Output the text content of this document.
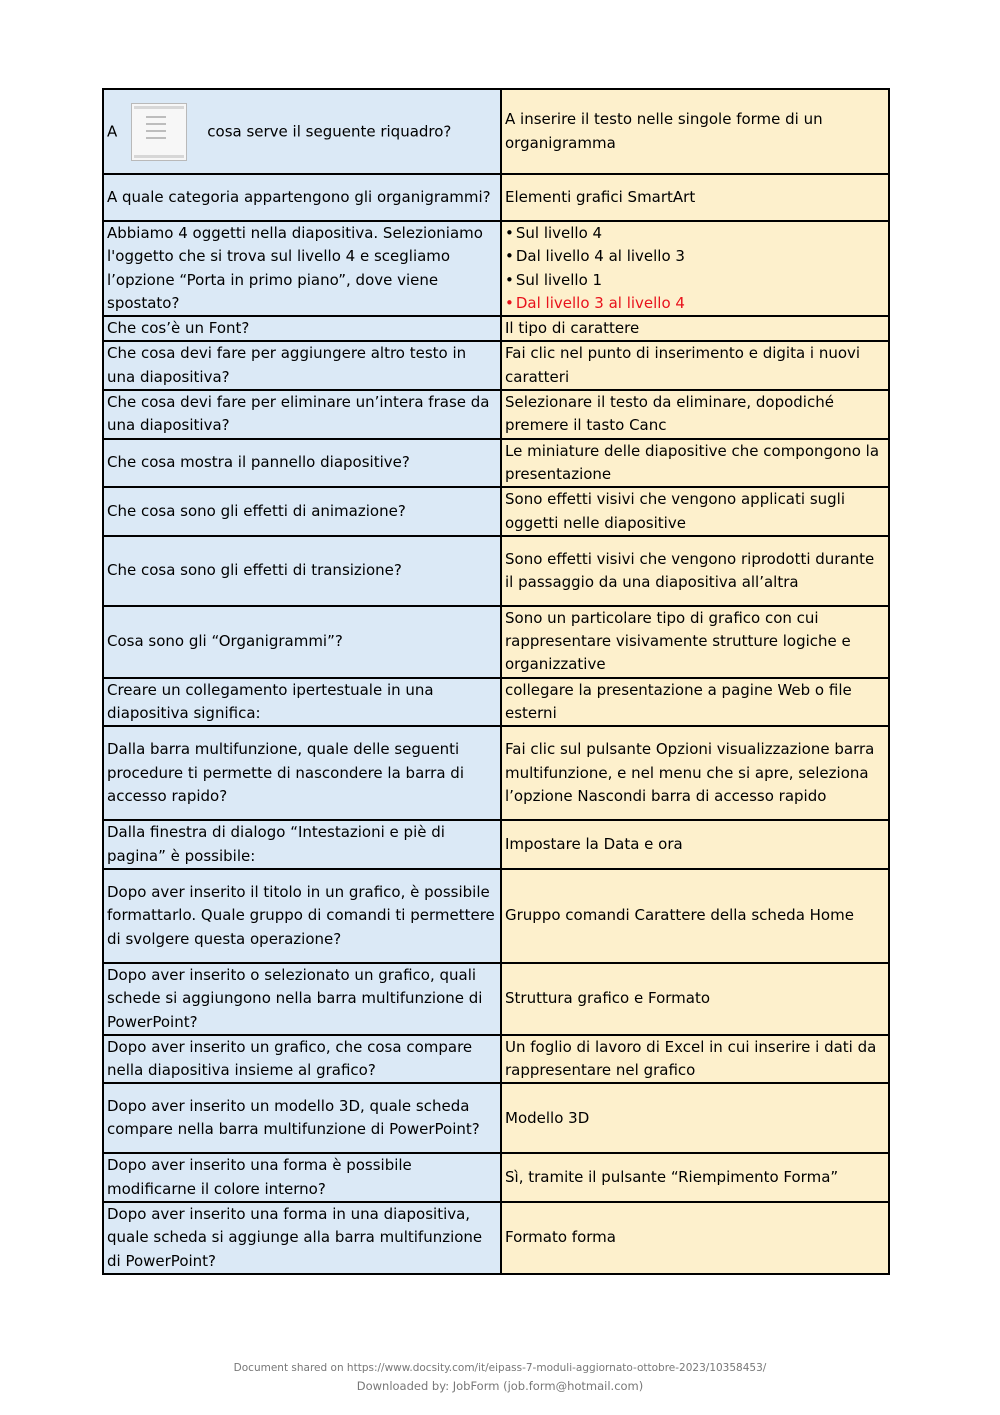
A cosa serve il seguente riquadro?	A inserire il testo nelle singole forme di un organigramma
A quale categoria appartengono gli organigrammi?	Elementi grafici SmartArt
Abbiamo 4 oggetti nella diapositiva. Selezioniamo l'oggetto che si trova sul livello 4 e scegliamo l’opzione “Porta in primo piano”, dove viene spostato?	• Sul livello 4
• Dal livello 4 al livello 3
• Sul livello 1
• Dal livello 3 al livello 4

Che cos’è un Font?	Il tipo di carattere
Che cosa devi fare per aggiungere altro testo in una diapositiva?	Fai clic nel punto di inserimento e digita i nuovi caratteri
Che cosa devi fare per eliminare un’intera frase da una diapositiva?	Selezionare il testo da eliminare, dopodiché premere il tasto Canc
Che cosa mostra il pannello diapositive?	Le miniature delle diapositive che compongono la presentazione
Che cosa sono gli effetti di animazione?	Sono effetti visivi che vengono applicati sugli oggetti nelle diapositive
Che cosa sono gli effetti di transizione?	Sono effetti visivi che vengono riprodotti durante il passaggio da una diapositiva all’altra
Cosa sono gli “Organigrammi”?	Sono un particolare tipo di grafico con cui rappresentare visivamente strutture logiche e organizzative
Creare un collegamento ipertestuale in una diapositiva significa:	collegare la presentazione a pagine Web o file esterni
Dalla barra multifunzione, quale delle seguenti procedure ti permette di nascondere la barra di accesso rapido?	Fai clic sul pulsante Opzioni visualizzazione barra multifunzione, e nel menu che si apre, seleziona l’opzione Nascondi barra di accesso rapido
Dalla finestra di dialogo “Intestazioni e piè di pagina” è possibile:	Impostare la Data e ora
Dopo aver inserito il titolo in un grafico, è possibile formattarlo. Quale gruppo di comandi ti permettere di svolgere questa operazione?	Gruppo comandi Carattere della scheda Home
Dopo aver inserito o selezionato un grafico, quali schede si aggiungono nella barra multifunzione di PowerPoint?	Struttura grafico e Formato
Dopo aver inserito un grafico, che cosa compare nella diapositiva insieme al grafico?	Un foglio di lavoro di Excel in cui inserire i dati da rappresentare nel grafico
Dopo aver inserito un modello 3D, quale scheda compare nella barra multifunzione di PowerPoint?	Modello 3D
Dopo aver inserito una forma è possibile modificarne il colore interno?	Sì, tramite il pulsante “Riempimento Forma”
Dopo aver inserito una forma in una diapositiva, quale scheda si aggiunge alla barra multifunzione di PowerPoint?	Formato forma
Document shared on https://www.docsity.com/it/eipass-7-moduli-aggiornato-ottobre-2023/10358453/
Downloaded by: JobForm (job.form@hotmail.com)
